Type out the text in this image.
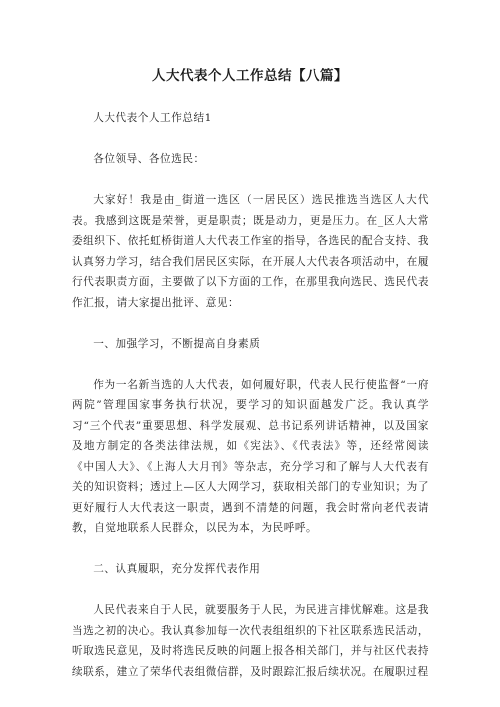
人大代表个人工作总结【八篇】

人大代表个人工作总结1

各位领导、各位选民：

大家好！我是由_街道一选区（一居民区）选民推选当选区人大代表。我感到这既是荣誉，更是职责；既是动力，更是压力。在_区人大常委组织下、依托虹桥街道人大代表工作室的指导，各选民的配合支持、我认真努力学习，结合我们居民区实际，在开展人大代表各项活动中，在履行代表职责方面，主要做了以下方面的工作，在那里我向选民、选民代表作汇报，请大家提出批评、意见：

一、加强学习，不断提高自身素质

作为一名新当选的人大代表，如何履好职，代表人民行使监督“一府两院”管理国家事务执行状况，要学习的知识面越发广泛。我认真学习“三个代表”重要思想、科学发展观、总书记系列讲话精神，以及国家及地方制定的各类法律法规，如《宪法》、《代表法》等，还经常阅读《中国人大》、《上海人大月刊》等杂志，充分学习和了解与人大代表有关的知识资料；透过上—区人大网学习，获取相关部门的专业知识；为了更好履行人大代表这一职责，遇到不清楚的问题，我会时常向老代表请教，自觉地联系人民群众，以民为本，为民呼呼。

二、认真履职，充分发挥代表作用

人民代表来自于人民，就要服务于人民，为民进言排忧解难。这是我当选之初的决心。我认真参加每一次代表组组织的下社区联系选民活动，听取选民意见，及时将选民反映的问题上报各相关部门，并与社区代表持续联系，建立了荣华代表组微信群，及时跟踪汇报后续状况。在履职过程
